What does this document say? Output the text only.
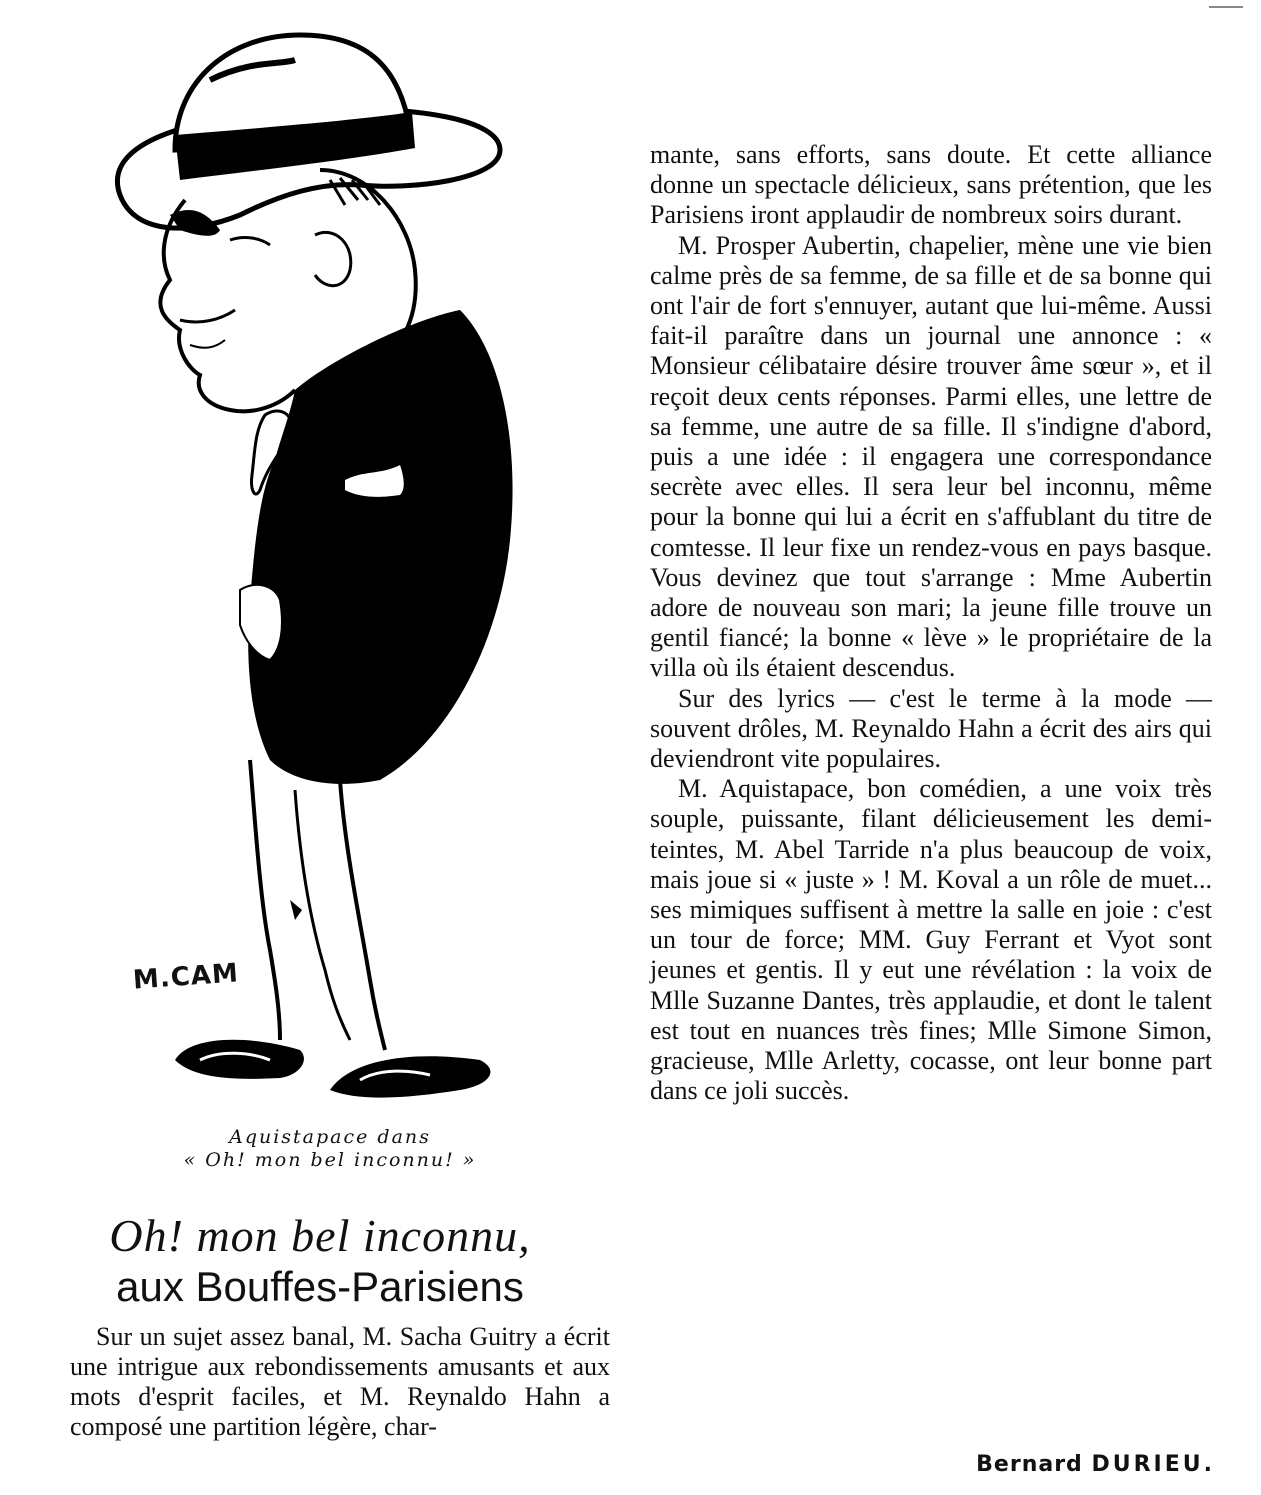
M.CAM
Aquistapace dans
« Oh! mon bel inconnu! »
Oh! mon bel inconnu,
aux Bouffes-Parisiens

Sur un sujet assez banal, M. Sacha Guitry a écrit une intrigue aux rebondissements amusants et aux mots d'esprit faciles, et M. Reynaldo Hahn a composé une partition légère, char-

mante, sans efforts, sans doute. Et cette alliance donne un spectacle délicieux, sans prétention, que les Parisiens iront applaudir de nombreux soirs durant.

M. Prosper Aubertin, chapelier, mène une vie bien calme près de sa femme, de sa fille et de sa bonne qui ont l'air de fort s'ennuyer, autant que lui-même. Aussi fait-il paraître dans un journal une annonce : « Monsieur célibataire désire trouver âme sœur », et il reçoit deux cents réponses. Parmi elles, une lettre de sa femme, une autre de sa fille. Il s'indigne d'abord, puis a une idée : il engagera une correspondance secrète avec elles. Il sera leur bel inconnu, même pour la bonne qui lui a écrit en s'affublant du titre de comtesse. Il leur fixe un rendez-vous en pays basque. Vous devinez que tout s'arrange : Mme Aubertin adore de nouveau son mari; la jeune fille trouve un gentil fiancé; la bonne « lève » le propriétaire de la villa où ils étaient descendus.

Sur des lyrics — c'est le terme à la mode — souvent drôles, M. Reynaldo Hahn a écrit des airs qui deviendront vite populaires.

M. Aquistapace, bon comédien, a une voix très souple, puissante, filant délicieusement les demi-teintes, M. Abel Tarride n'a plus beaucoup de voix, mais joue si « juste » ! M. Koval a un rôle de muet... ses mimiques suffisent à mettre la salle en joie : c'est un tour de force; MM. Guy Ferrant et Vyot sont jeunes et gentis. Il y eut une révélation : la voix de Mlle Suzanne Dantes, très applaudie, et dont le talent est tout en nuances très fines; Mlle Simone Simon, gracieuse, Mlle Arletty, cocasse, ont leur bonne part dans ce joli succès.

Bernard DURIEU.
